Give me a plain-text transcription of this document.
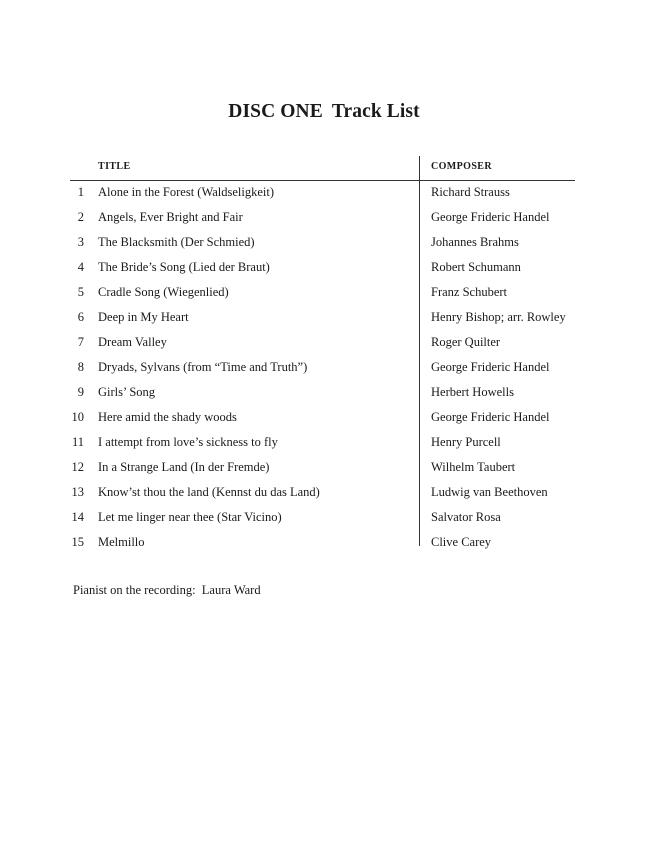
DISC ONE Track List
TITLE	COMPOSER
1 Alone in the Forest (Waldseligkeit)	Richard Strauss
2 Angels, Ever Bright and Fair	George Frideric Handel
3 The Blacksmith (Der Schmied)	Johannes Brahms
4 The Bride’s Song (Lied der Braut)	Robert Schumann
5 Cradle Song (Wiegenlied)	Franz Schubert
6 Deep in My Heart	Henry Bishop; arr. Rowley
7 Dream Valley	Roger Quilter
8 Dryads, Sylvans (from “Time and Truth”)	George Frideric Handel
9 Girls’ Song	Herbert Howells
10 Here amid the shady woods	George Frideric Handel
11 I attempt from love’s sickness to fly	Henry Purcell
12 In a Strange Land (In der Fremde)	Wilhelm Taubert
13 Know’st thou the land (Kennst du das Land)	Ludwig van Beethoven
14 Let me linger near thee (Star Vicino)	Salvator Rosa
15 Melmillo	Clive Carey
Pianist on the recording: Laura Ward
